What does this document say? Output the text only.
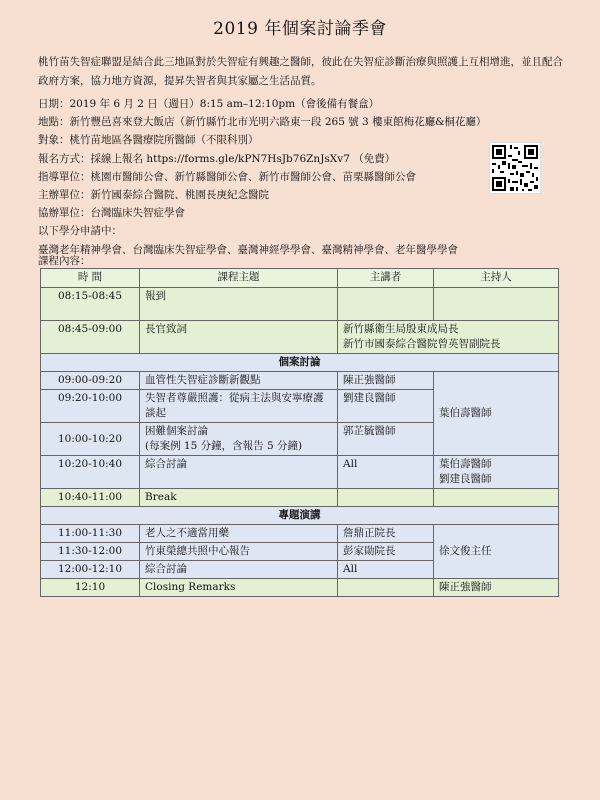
2019 年個案討論季會

桃竹苗失智症聯盟是結合此三地區對於失智症有興趣之醫師，彼此在失智症診斷治療與照護上互相增進，並且配合政府方案，協力地方資源，提昇失智者與其家屬之生活品質。

日期：2019 年 6 月 2 日（週日）8:15 am–12:10pm（會後備有餐盒）
地點：新竹豐邑喜來登大飯店（新竹縣竹北市光明六路東一段 265 號 3 樓東館梅花廳&桐花廳）
對象：桃竹苗地區各醫療院所醫師（不限科別）
報名方式：採線上報名 https://forms.gle/kPN7HsJb76ZnJsXv7 （免費）
指導單位：桃園市醫師公會、新竹縣醫師公會、新竹市醫師公會、苗栗縣醫師公會
主辦單位：新竹國泰綜合醫院、桃園長庚紀念醫院
協辦單位：台灣臨床失智症學會
以下學分申請中：
臺灣老年精神學會、台灣臨床失智症學會、臺灣神經學學會、臺灣精神學會、老年醫學學會
課程內容：
時 間	課程主題	主講者	主持人
08:15-08:45	報到		
08:45-09:00	長官致詞	新竹縣衛生局殷東成局長
新竹市國泰綜合醫院曾英智副院長	
個案討論			
09:00-09:20	血管性失智症診斷新觀點	陳正強醫師	葉伯壽醫師
09:20-10:00	失智者尊嚴照護：從病主法與安寧療護談起	劉建良醫師	
10:00-10:20	困難個案討論
(每案例 15 分鐘，含報告 5 分鐘)	郭芷毓醫師	
10:20-10:40	綜合討論	All	葉伯壽醫師
劉建良醫師
10:40-11:00	Break		
專題演講			
11:00-11:30	老人之不適當用藥	詹鼎正院長	徐文俊主任
11:30-12:00	竹東榮總共照中心報告	彭家勛院長	
12:00-12:10	綜合討論	All	
12:10	Closing Remarks		陳正強醫師
